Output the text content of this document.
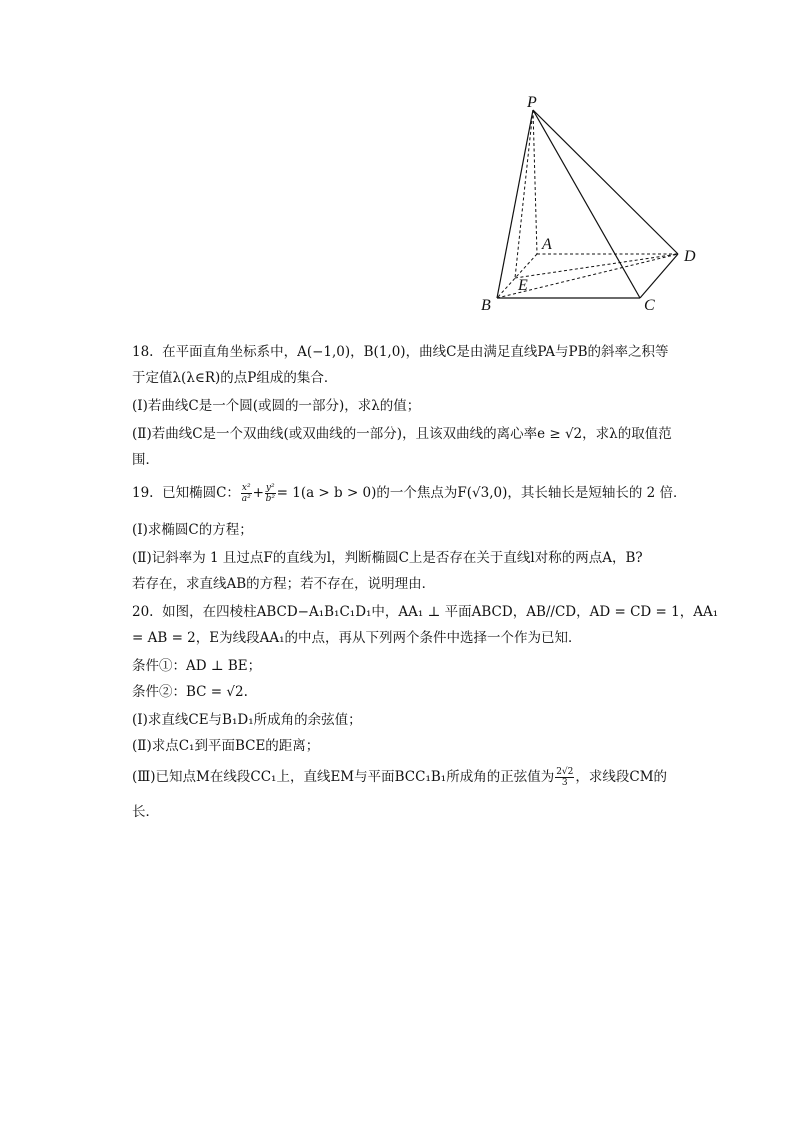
P
A
D
E
B	C
18. 在平面直角坐标系中，A(−1,0)，B(1,0)，曲线C是由满足直线PA与PB的斜率之积等
于定值λ(λ∈R)的点P组成的集合．
(Ⅰ)若曲线C是一个圆(或圆的一部分)，求λ的值；
(Ⅱ)若曲线C是一个双曲线(或双曲线的一部分)，且该双曲线的离心率e ≥ √2，求λ的取值范
围．
19. 已知椭圆C： $\frac{\text{x²}}{\text{a²}} + \frac{\text{y²}}{\text{b²}} = 1(a > b > 0)$的一个焦点为F(√3,0)，其长轴长是短轴长的 2 倍．
(Ⅰ)求椭圆C的方程；
(Ⅱ)记斜率为 1 且过点F的直线为l，判断椭圆C上是否存在关于直线l对称的两点A，B?
若存在，求直线AB的方程；若不存在，说明理由．
20. 如图，在四棱柱ABCD−A₁B₁C₁D₁中，AA₁ ⊥ 平面ABCD，AB//CD，AD = CD = 1，AA₁
= AB = 2，E为线段AA₁的中点，再从下列两个条件中选择一个作为已知．
条件①：AD ⊥ BE；
条件②：BC = √2.
(Ⅰ)求直线CE与B₁D₁所成角的余弦值；
(Ⅱ)求点C₁到平面BCE的距离；
(Ⅲ)已知点M在线段CC₁上，直线EM与平面BCC₁B₁所成角的正弦值为 $\frac{2√2}{3}$ ，求线段CM的
长．
